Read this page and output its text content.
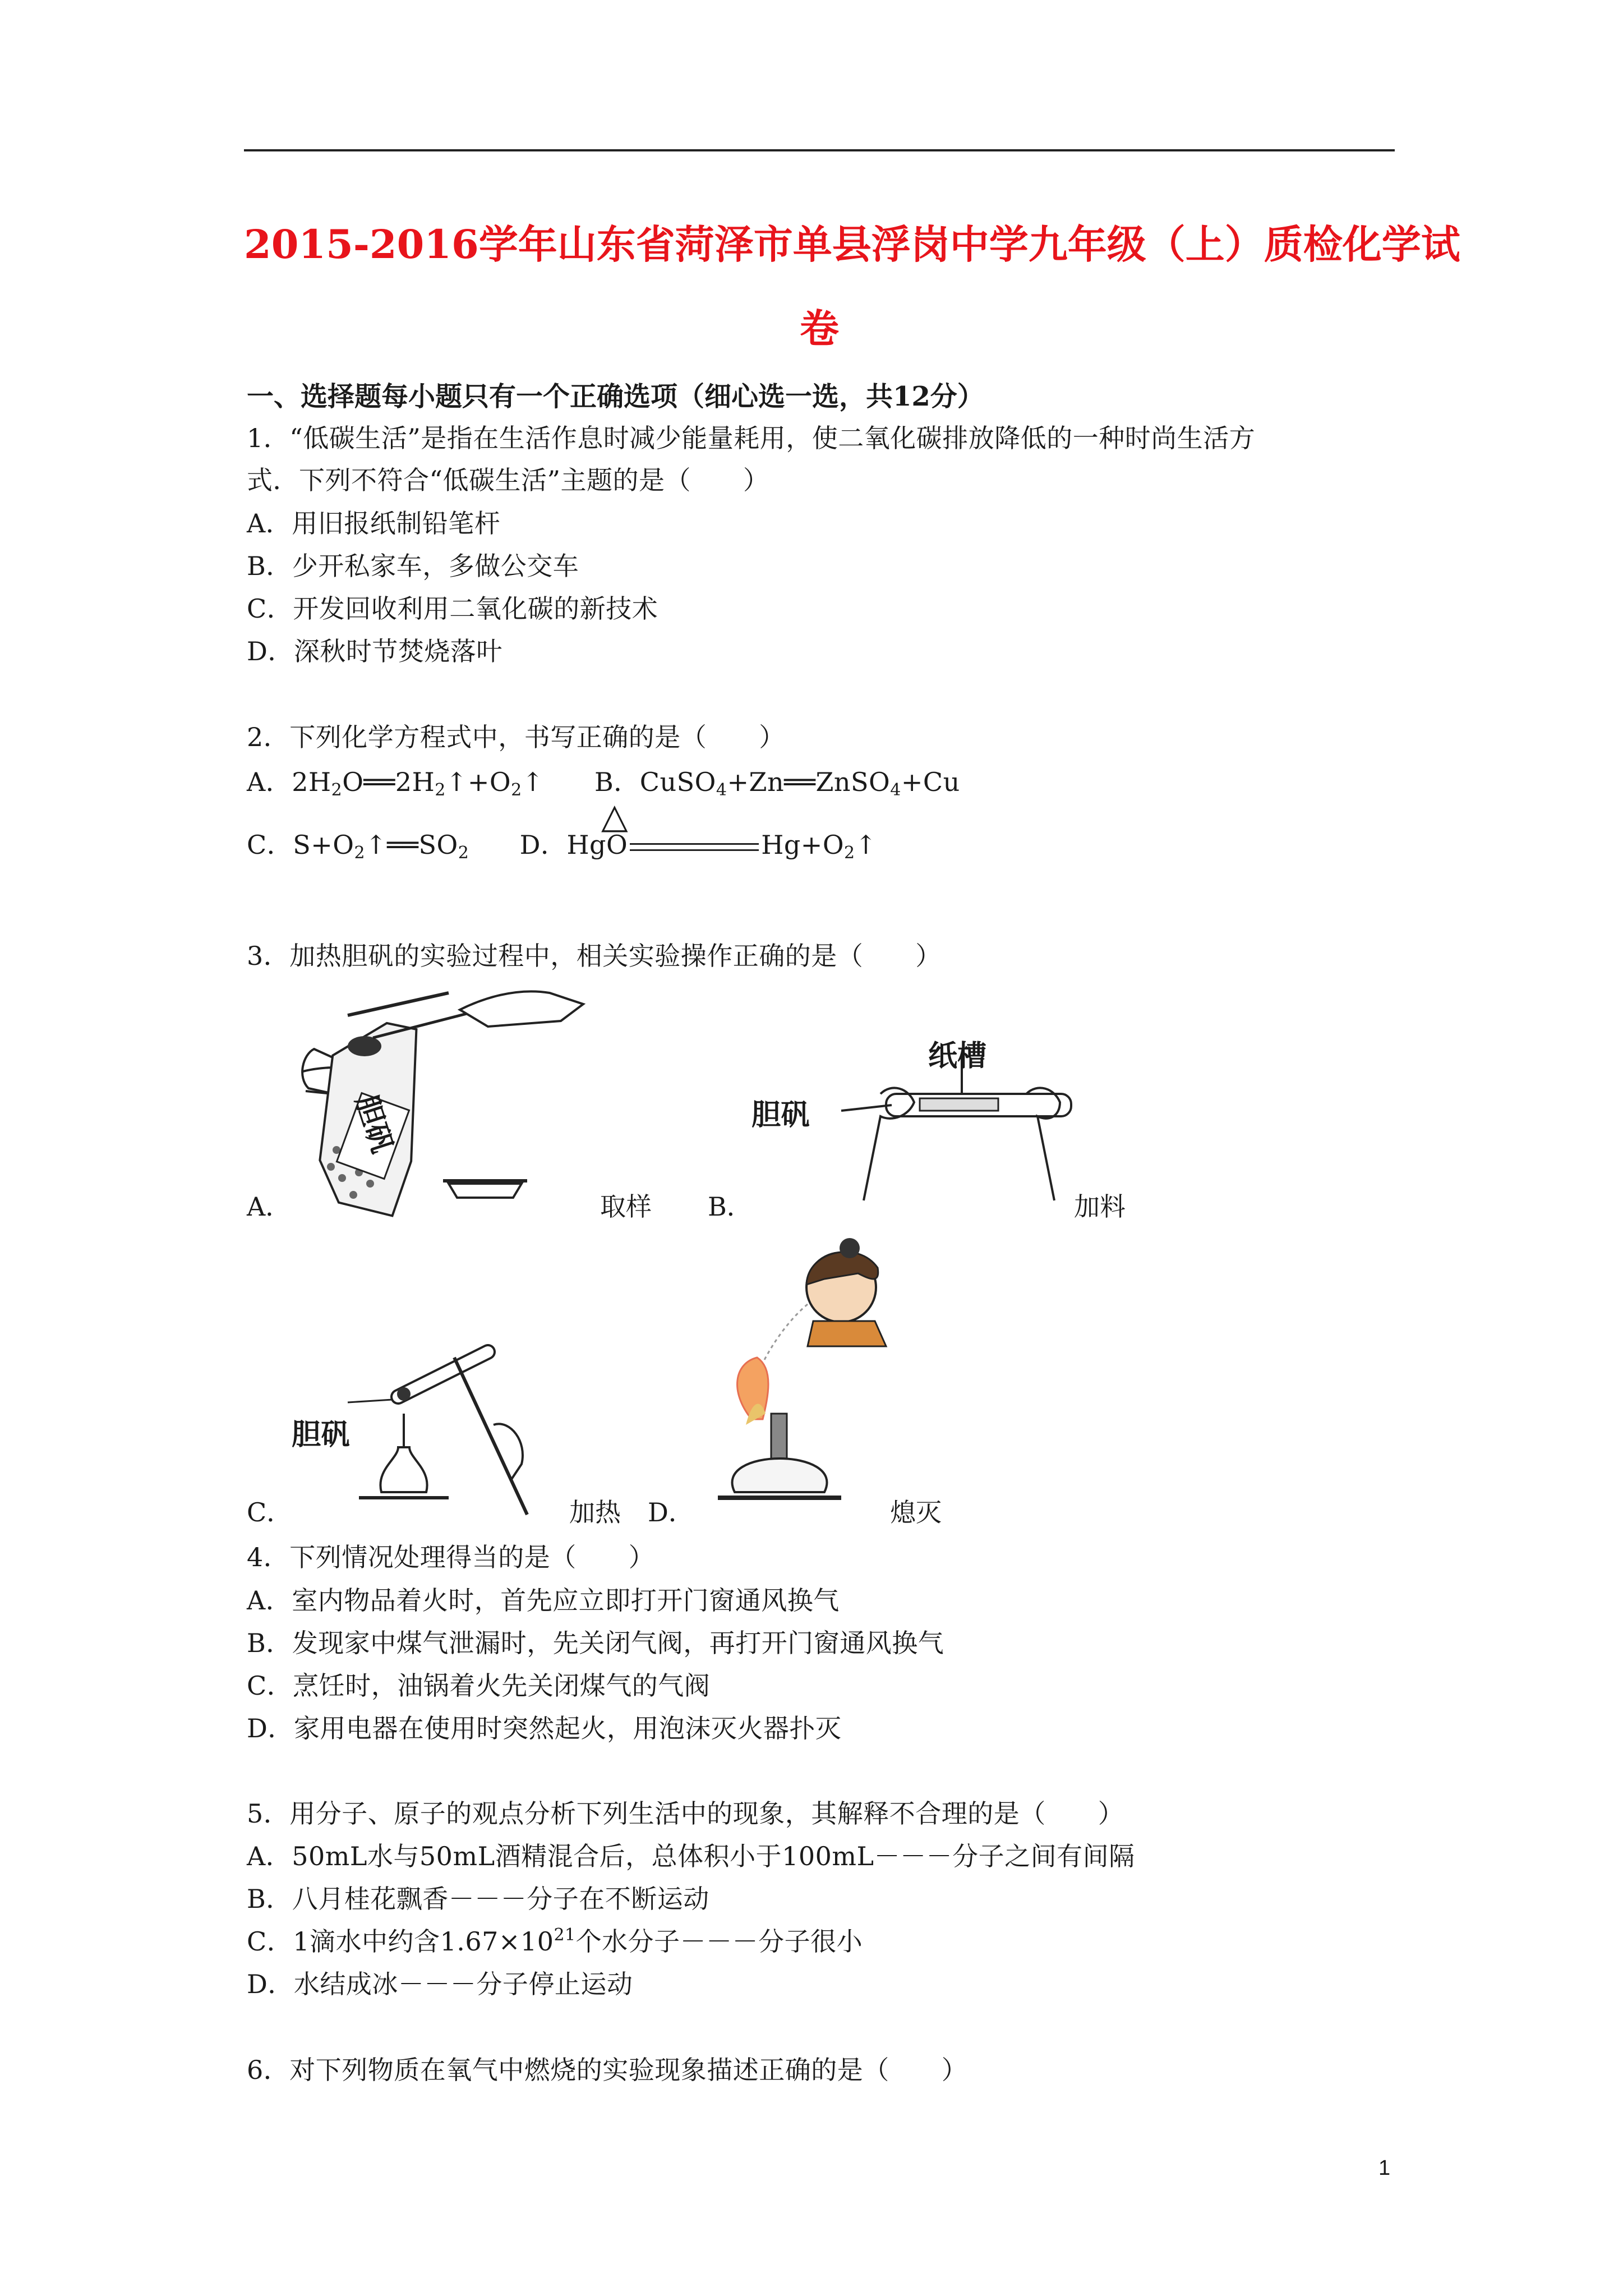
2015-2016学年山东省菏泽市单县浮岗中学九年级（上）质检化学试
卷
一、选择题每小题只有一个正确选项（细心选一选，共12分）
1．“低碳生活”是指在生活作息时减少能量耗用，使二氧化碳排放降低的一种时尚生活方
式．下列不符合“低碳生活”主题的是（　　）
A．用旧报纸制铅笔杆
B．少开私家车，多做公交车
C．开发回收利用二氧化碳的新技术
D．深秋时节焚烧落叶
2．下列化学方程式中，书写正确的是（　　）
A．$2H_2O══2H_2↑+O_2↑$ B．CuSO$_4$+Zn══ZnSO$_4$+Cu
C．$S+O_2↑══SO_2$ D．HgO	$Hg+O_2↑$
△
3．加热胆矾的实验过程中，相关实验操作正确的是（　　）
胆矾
A．	取样 B．
纸槽
胆矾
加料
胆矾
C．	加热 D．	熄灭
4．下列情况处理得当的是（　　）
A．室内物品着火时，首先应立即打开门窗通风换气
B．发现家中煤气泄漏时，先关闭气阀，再打开门窗通风换气
C．烹饪时，油锅着火先关闭煤气的气阀
D．家用电器在使用时突然起火，用泡沫灭火器扑灭
5．用分子、原子的观点分析下列生活中的现象，其解释不合理的是（　　）
A．50mL水与50mL酒精混合后，总体积小于100mL－－－分子之间有间隔
B．八月桂花飘香－－－分子在不断运动
C．1滴水中约含$1.67\times 10^{21}$个水分子－－－分子很小
D．水结成冰－－－分子停止运动
6．对下列物质在氧气中燃烧的实验现象描述正确的是（　　）
1
